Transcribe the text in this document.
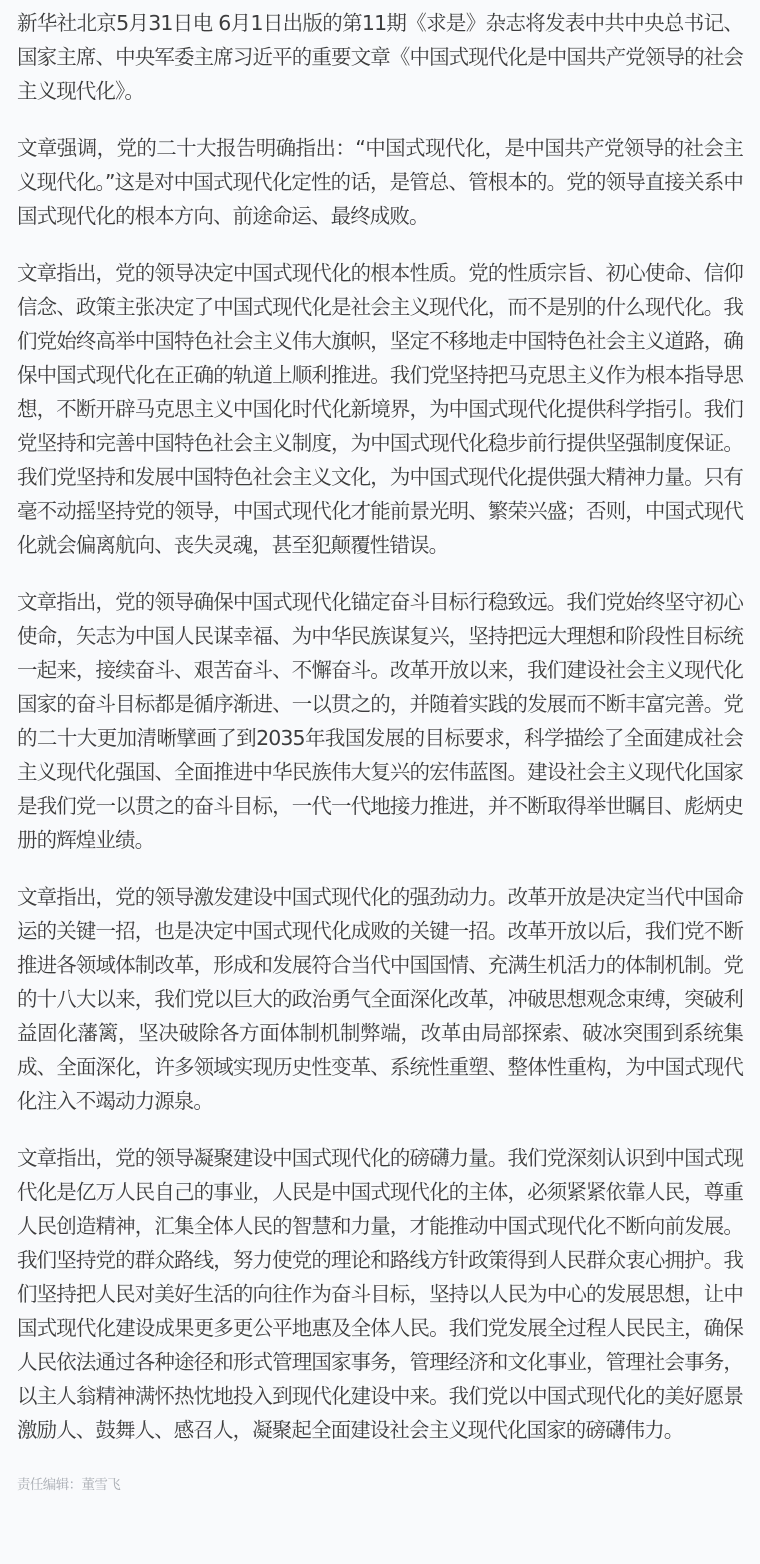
新华社北京5月31日电 6月1日出版的第11期《求是》杂志将发表中共中央总书记、国家主席、中央军委主席习近平的重要文章《中国式现代化是中国共产党领导的社会主义现代化》。

文章强调，党的二十大报告明确指出：“中国式现代化，是中国共产党领导的社会主义现代化。”这是对中国式现代化定性的话，是管总、管根本的。党的领导直接关系中国式现代化的根本方向、前途命运、最终成败。

文章指出，党的领导决定中国式现代化的根本性质。党的性质宗旨、初心使命、信仰信念、政策主张决定了中国式现代化是社会主义现代化，而不是别的什么现代化。我们党始终高举中国特色社会主义伟大旗帜，坚定不移地走中国特色社会主义道路，确保中国式现代化在正确的轨道上顺利推进。我们党坚持把马克思主义作为根本指导思想，不断开辟马克思主义中国化时代化新境界，为中国式现代化提供科学指引。我们党坚持和完善中国特色社会主义制度，为中国式现代化稳步前行提供坚强制度保证。我们党坚持和发展中国特色社会主义文化，为中国式现代化提供强大精神力量。只有毫不动摇坚持党的领导，中国式现代化才能前景光明、繁荣兴盛；否则，中国式现代化就会偏离航向、丧失灵魂，甚至犯颠覆性错误。

文章指出，党的领导确保中国式现代化锚定奋斗目标行稳致远。我们党始终坚守初心使命，矢志为中国人民谋幸福、为中华民族谋复兴，坚持把远大理想和阶段性目标统一起来，接续奋斗、艰苦奋斗、不懈奋斗。改革开放以来，我们建设社会主义现代化国家的奋斗目标都是循序渐进、一以贯之的，并随着实践的发展而不断丰富完善。党的二十大更加清晰擘画了到2035年我国发展的目标要求，科学描绘了全面建成社会主义现代化强国、全面推进中华民族伟大复兴的宏伟蓝图。建设社会主义现代化国家是我们党一以贯之的奋斗目标，一代一代地接力推进，并不断取得举世瞩目、彪炳史册的辉煌业绩。

文章指出，党的领导激发建设中国式现代化的强劲动力。改革开放是决定当代中国命运的关键一招，也是决定中国式现代化成败的关键一招。改革开放以后，我们党不断推进各领域体制改革，形成和发展符合当代中国国情、充满生机活力的体制机制。党的十八大以来，我们党以巨大的政治勇气全面深化改革，冲破思想观念束缚，突破利益固化藩篱，坚决破除各方面体制机制弊端，改革由局部探索、破冰突围到系统集成、全面深化，许多领域实现历史性变革、系统性重塑、整体性重构，为中国式现代化注入不竭动力源泉。

文章指出，党的领导凝聚建设中国式现代化的磅礴力量。我们党深刻认识到中国式现代化是亿万人民自己的事业，人民是中国式现代化的主体，必须紧紧依靠人民，尊重人民创造精神，汇集全体人民的智慧和力量，才能推动中国式现代化不断向前发展。我们坚持党的群众路线，努力使党的理论和路线方针政策得到人民群众衷心拥护。我们坚持把人民对美好生活的向往作为奋斗目标，坚持以人民为中心的发展思想，让中国式现代化建设成果更多更公平地惠及全体人民。我们党发展全过程人民民主，确保人民依法通过各种途径和形式管理国家事务，管理经济和文化事业，管理社会事务，以主人翁精神满怀热忱地投入到现代化建设中来。我们党以中国式现代化的美好愿景激励人、鼓舞人、感召人，凝聚起全面建设社会主义现代化国家的磅礴伟力。

责任编辑：董雪飞
